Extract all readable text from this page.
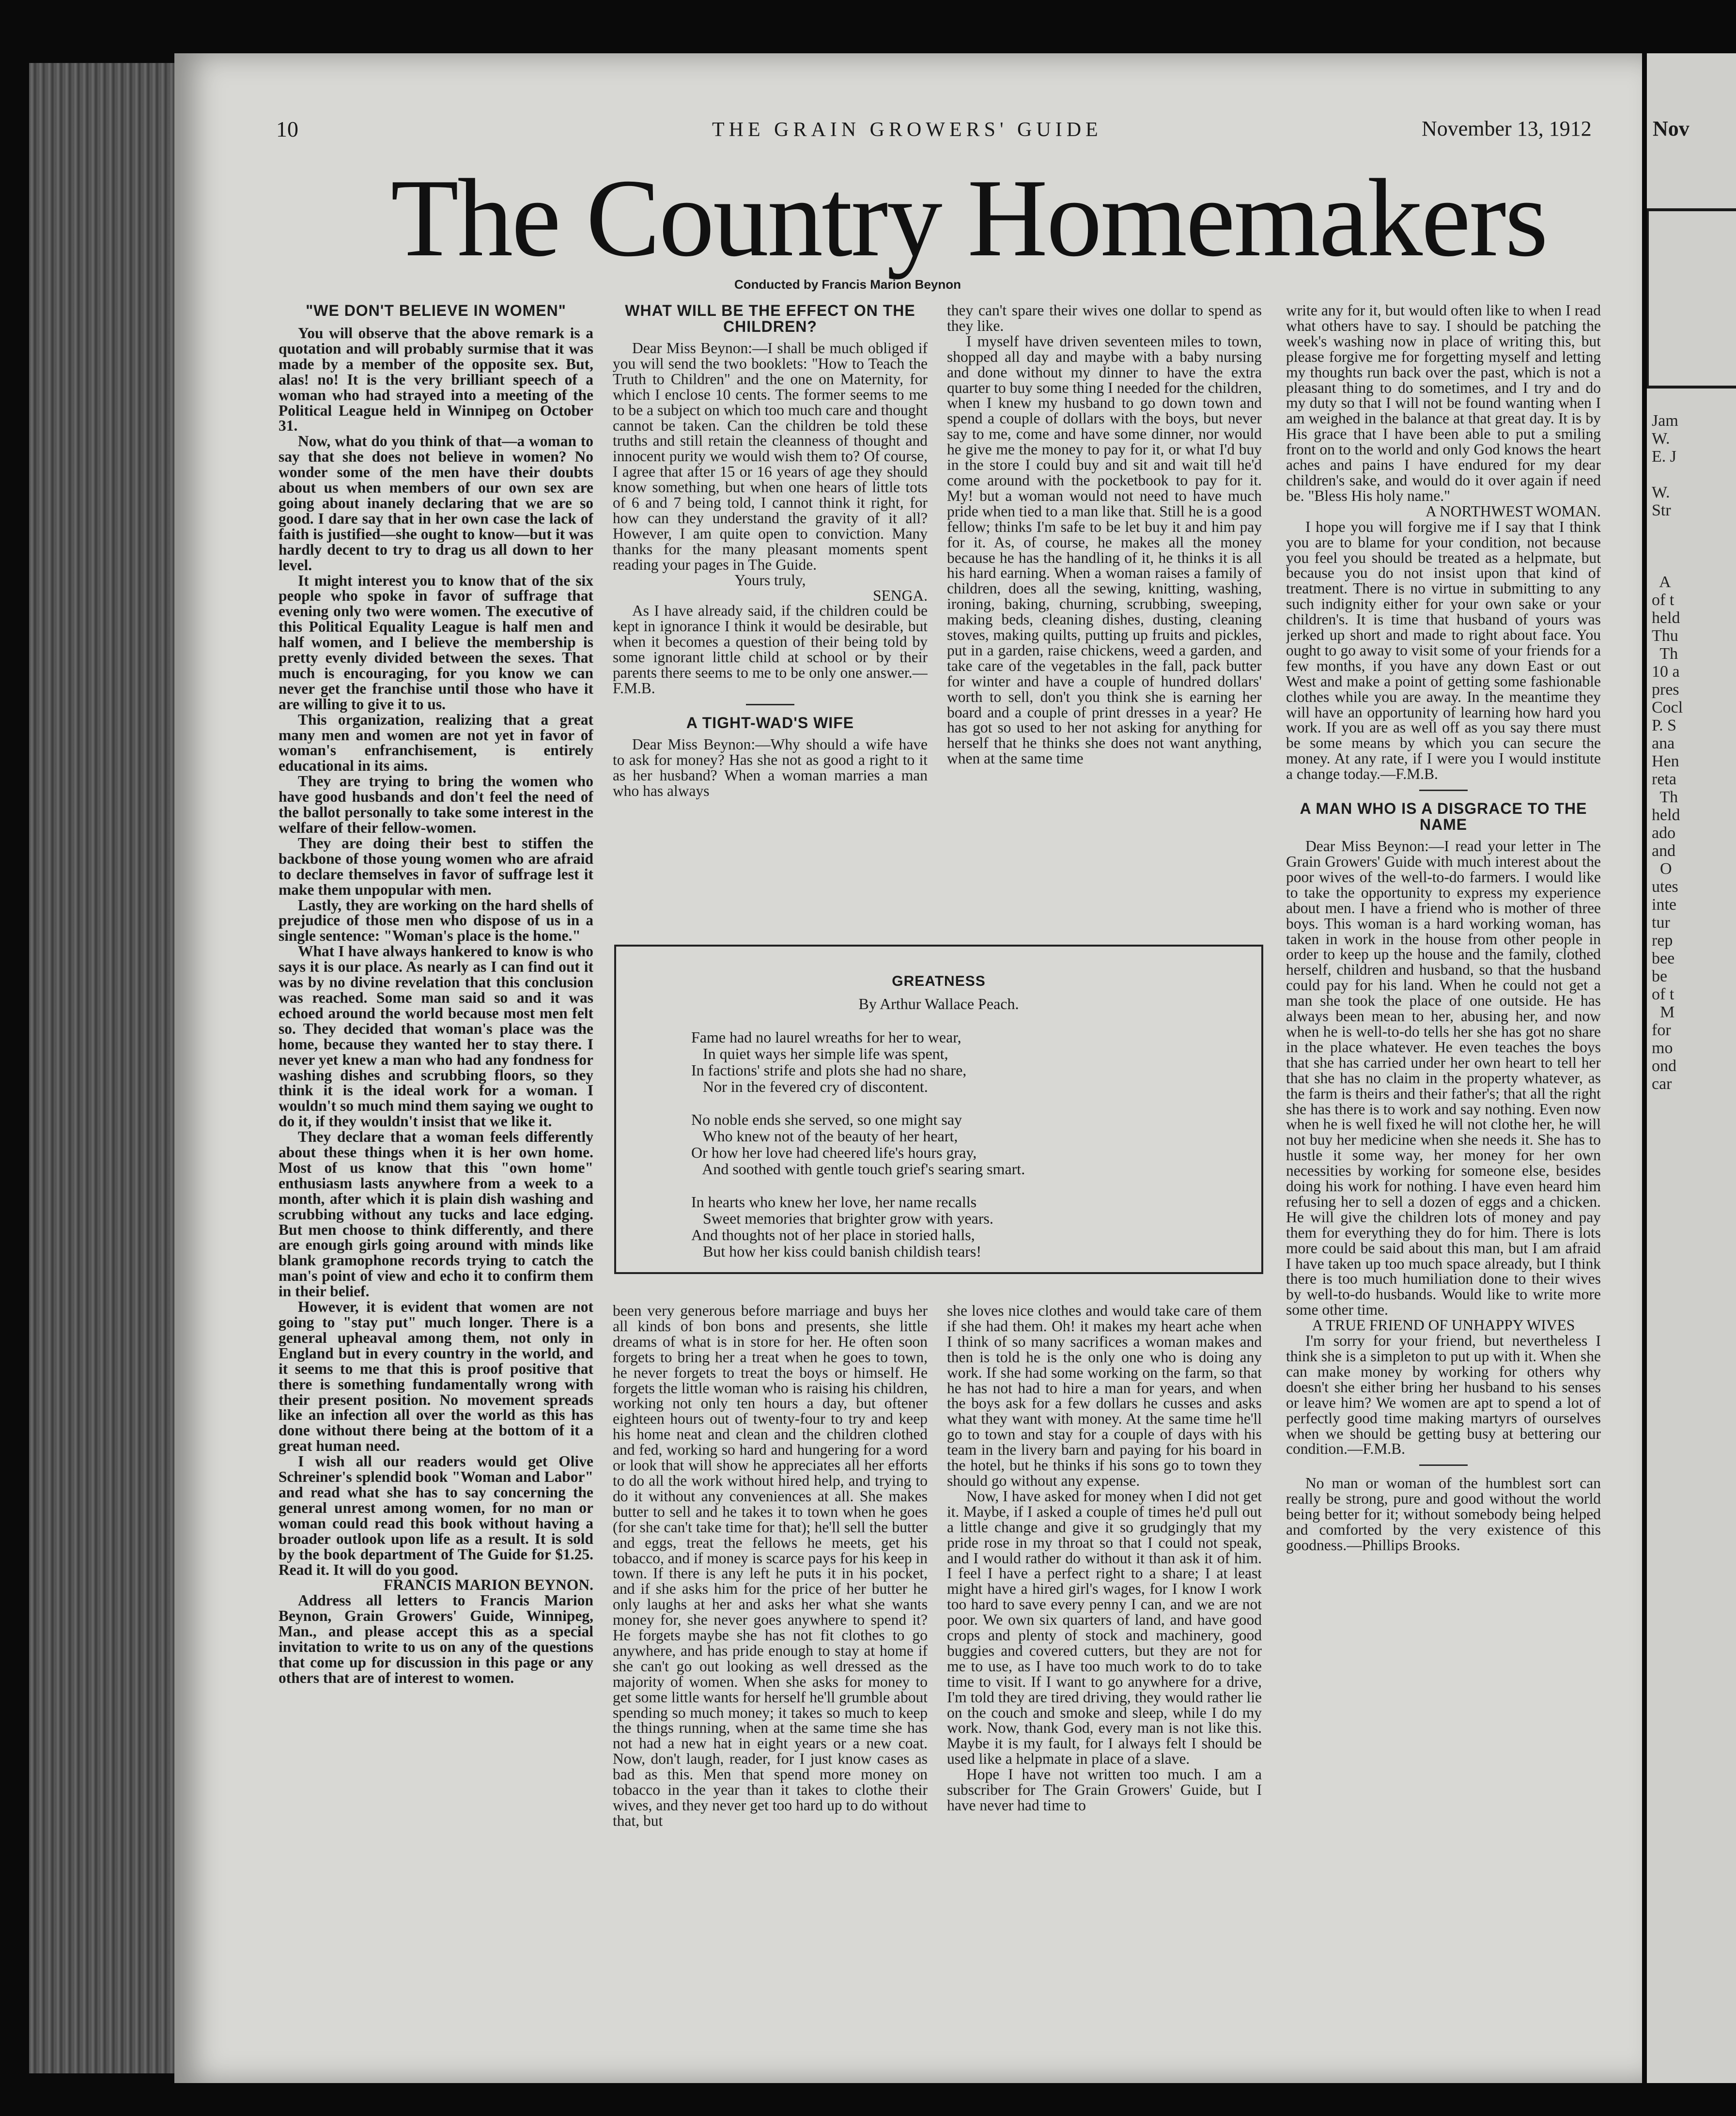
Nov
Jam
W.
E. J

W.
Str

A
of t
held
Thu
Th
10 a
pres
Cocl
P. S
ana
Hen
reta
Th
held
ado
and
O
utes
inte
tur
rep
bee
be
of t
M
for
mo
ond
car
10	THE GRAIN GROWERS' GUIDE	November 13, 1912
The Country Homemakers
Conducted by Francis Marion Beynon
"WE DON'T BELIEVE IN WOMEN"

You will observe that the above remark is a quotation and will probably surmise that it was made by a member of the opposite sex. But, alas! no! It is the very brilliant speech of a woman who had strayed into a meeting of the Political League held in Winnipeg on October 31.

Now, what do you think of that—a woman to say that she does not believe in women? No wonder some of the men have their doubts about us when members of our own sex are going about inanely declaring that we are so good. I dare say that in her own case the lack of faith is justified—she ought to know—but it was hardly decent to try to drag us all down to her level.

It might interest you to know that of the six people who spoke in favor of suffrage that evening only two were women. The executive of this Political Equality League is half men and half women, and I believe the membership is pretty evenly divided between the sexes. That much is encouraging, for you know we can never get the franchise until those who have it are willing to give it to us.

This organization, realizing that a great many men and women are not yet in favor of woman's enfranchisement, is entirely educational in its aims.

They are trying to bring the women who have good husbands and don't feel the need of the ballot personally to take some interest in the welfare of their fellow-women.

They are doing their best to stiffen the backbone of those young women who are afraid to declare themselves in favor of suffrage lest it make them unpopular with men.

Lastly, they are working on the hard shells of prejudice of those men who dispose of us in a single sentence: "Woman's place is the home."

What I have always hankered to know is who says it is our place. As nearly as I can find out it was by no divine revelation that this conclusion was reached. Some man said so and it was echoed around the world because most men felt so. They decided that woman's place was the home, because they wanted her to stay there. I never yet knew a man who had any fondness for washing dishes and scrubbing floors, so they think it is the ideal work for a woman. I wouldn't so much mind them saying we ought to do it, if they wouldn't insist that we like it.

They declare that a woman feels differently about these things when it is her own home. Most of us know that this "own home" enthusiasm lasts anywhere from a week to a month, after which it is plain dish washing and scrubbing without any tucks and lace edging. But men choose to think differently, and there are enough girls going around with minds like blank gramophone records trying to catch the man's point of view and echo it to confirm them in their belief.

However, it is evident that women are not going to "stay put" much longer. There is a general upheaval among them, not only in England but in every country in the world, and it seems to me that this is proof positive that there is something fundamentally wrong with their present position. No movement spreads like an infection all over the world as this has done without there being at the bottom of it a great human need.

I wish all our readers would get Olive Schreiner's splendid book "Woman and Labor" and read what she has to say concerning the general unrest among women, for no man or woman could read this book without having a broader outlook upon life as a result. It is sold by the book department of The Guide for $1.25. Read it. It will do you good.

FRANCIS MARION BEYNON.

Address all letters to Francis Marion Beynon, Grain Growers' Guide, Winnipeg, Man., and please accept this as a special invitation to write to us on any of the questions that come up for discussion in this page or any others that are of interest to women.

WHAT WILL BE THE EFFECT ON THE CHILDREN?

Dear Miss Beynon:—I shall be much obliged if you will send the two booklets: "How to Teach the Truth to Children" and the one on Maternity, for which I enclose 10 cents. The former seems to me to be a subject on which too much care and thought cannot be taken. Can the children be told these truths and still retain the cleanness of thought and innocent purity we would wish them to? Of course, I agree that after 15 or 16 years of age they should know something, but when one hears of little tots of 6 and 7 being told, I cannot think it right, for how can they understand the gravity of it all? However, I am quite open to conviction. Many thanks for the many pleasant moments spent reading your pages in The Guide.

Yours truly,

SENGA.

As I have already said, if the children could be kept in ignorance I think it would be desirable, but when it becomes a question of their being told by some ignorant little child at school or by their parents there seems to me to be only one answer.—F.M.B.

A TIGHT-WAD'S WIFE

Dear Miss Beynon:—Why should a wife have to ask for money? Has she not as good a right to it as her husband? When a woman marries a man who has always

they can't spare their wives one dollar to spend as they like.

I myself have driven seventeen miles to town, shopped all day and maybe with a baby nursing and done without my dinner to have the extra quarter to buy some thing I needed for the children, when I knew my husband to go down town and spend a couple of dollars with the boys, but never say to me, come and have some dinner, nor would he give me the money to pay for it, or what I'd buy in the store I could buy and sit and wait till he'd come around with the pocketbook to pay for it. My! but a woman would not need to have much pride when tied to a man like that. Still he is a good fellow; thinks I'm safe to be let buy it and him pay for it. As, of course, he makes all the money because he has the handling of it, he thinks it is all his hard earning. When a woman raises a family of children, does all the sewing, knitting, washing, ironing, baking, churning, scrubbing, sweeping, making beds, cleaning dishes, dusting, cleaning stoves, making quilts, putting up fruits and pickles, put in a garden, raise chickens, weed a garden, and take care of the vegetables in the fall, pack butter for winter and have a couple of hundred dollars' worth to sell, don't you think she is earning her board and a couple of print dresses in a year? He has got so used to her not asking for anything for herself that he thinks she does not want anything, when at the same time

write any for it, but would often like to when I read what others have to say. I should be patching the week's washing now in place of writing this, but please forgive me for forgetting myself and letting my thoughts run back over the past, which is not a pleasant thing to do sometimes, and I try and do my duty so that I will not be found wanting when I am weighed in the balance at that great day. It is by His grace that I have been able to put a smiling front on to the world and only God knows the heart aches and pains I have endured for my dear children's sake, and would do it over again if need be. "Bless His holy name."

A NORTHWEST WOMAN.

I hope you will forgive me if I say that I think you are to blame for your condition, not because you feel you should be treated as a helpmate, but because you do not insist upon that kind of treatment. There is no virtue in submitting to any such indignity either for your own sake or your children's. It is time that husband of yours was jerked up short and made to right about face. You ought to go away to visit some of your friends for a few months, if you have any down East or out West and make a point of getting some fashionable clothes while you are away. In the meantime they will have an opportunity of learning how hard you work. If you are as well off as you say there must be some means by which you can secure the money. At any rate, if I were you I would institute a change today.—F.M.B.

A MAN WHO IS A DISGRACE TO THE NAME

Dear Miss Beynon:—I read your letter in The Grain Growers' Guide with much interest about the poor wives of the well-to-do farmers. I would like to take the opportunity to express my experience about men. I have a friend who is mother of three boys. This woman is a hard working woman, has taken in work in the house from other people in order to keep up the house and the family, clothed herself, children and husband, so that the husband could pay for his land. When he could not get a man she took the place of one outside. He has always been mean to her, abusing her, and now when he is well-to-do tells her she has got no share in the place whatever. He even teaches the boys that she has carried under her own heart to tell her that she has no claim in the property whatever, as the farm is theirs and their father's; that all the right she has there is to work and say nothing. Even now when he is well fixed he will not clothe her, he will not buy her medicine when she needs it. She has to hustle it some way, her money for her own necessities by working for someone else, besides doing his work for nothing. I have even heard him refusing her to sell a dozen of eggs and a chicken. He will give the children lots of money and pay them for everything they do for him. There is lots more could be said about this man, but I am afraid I have taken up too much space already, but I think there is too much humiliation done to their wives by well-to-do husbands. Would like to write more some other time.

A TRUE FRIEND OF UNHAPPY WIVES

I'm sorry for your friend, but nevertheless I think she is a simpleton to put up with it. When she can make money by working for others why doesn't she either bring her husband to his senses or leave him? We women are apt to spend a lot of perfectly good time making martyrs of ourselves when we should be getting busy at bettering our condition.—F.M.B.

No man or woman of the humblest sort can really be strong, pure and good without the world being better for it; without somebody being helped and comforted by the very existence of this goodness.—Phillips Brooks.

GREATNESS
By Arthur Wallace Peach.
Fame had no laurel wreaths for her to wear,
In quiet ways her simple life was spent,
In factions' strife and plots she had no share,
Nor in the fevered cry of discontent.
No noble ends she served, so one might say
Who knew not of the beauty of her heart,
Or how her love had cheered life's hours gray,
And soothed with gentle touch grief's searing smart.
In hearts who knew her love, her name recalls
Sweet memories that brighter grow with years.
And thoughts not of her place in storied halls,
But how her kiss could banish childish tears!

been very generous before marriage and buys her all kinds of bon bons and presents, she little dreams of what is in store for her. He often soon forgets to bring her a treat when he goes to town, he never forgets to treat the boys or himself. He forgets the little woman who is raising his children, working not only ten hours a day, but oftener eighteen hours out of twenty-four to try and keep his home neat and clean and the children clothed and fed, working so hard and hungering for a word or look that will show he appreciates all her efforts to do all the work without hired help, and trying to do it without any conveniences at all. She makes butter to sell and he takes it to town when he goes (for she can't take time for that); he'll sell the butter and eggs, treat the fellows he meets, get his tobacco, and if money is scarce pays for his keep in town. If there is any left he puts it in his pocket, and if she asks him for the price of her butter he only laughs at her and asks her what she wants money for, she never goes anywhere to spend it? He forgets maybe she has not fit clothes to go anywhere, and has pride enough to stay at home if she can't go out looking as well dressed as the majority of women. When she asks for money to get some little wants for herself he'll grumble about spending so much money; it takes so much to keep the things running, when at the same time she has not had a new hat in eight years or a new coat. Now, don't laugh, reader, for I just know cases as bad as this. Men that spend more money on tobacco in the year than it takes to clothe their wives, and they never get too hard up to do without that, but

she loves nice clothes and would take care of them if she had them. Oh! it makes my heart ache when I think of so many sacrifices a woman makes and then is told he is the only one who is doing any work. If she had some working on the farm, so that he has not had to hire a man for years, and when the boys ask for a few dollars he cusses and asks what they want with money. At the same time he'll go to town and stay for a couple of days with his team in the livery barn and paying for his board in the hotel, but he thinks if his sons go to town they should go without any expense.

Now, I have asked for money when I did not get it. Maybe, if I asked a couple of times he'd pull out a little change and give it so grudgingly that my pride rose in my throat so that I could not speak, and I would rather do without it than ask it of him. I feel I have a perfect right to a share; I at least might have a hired girl's wages, for I know I work too hard to save every penny I can, and we are not poor. We own six quarters of land, and have good crops and plenty of stock and machinery, good buggies and covered cutters, but they are not for me to use, as I have too much work to do to take time to visit. If I want to go anywhere for a drive, I'm told they are tired driving, they would rather lie on the couch and smoke and sleep, while I do my work. Now, thank God, every man is not like this. Maybe it is my fault, for I always felt I should be used like a helpmate in place of a slave.

Hope I have not written too much. I am a subscriber for The Grain Growers' Guide, but I have never had time to
